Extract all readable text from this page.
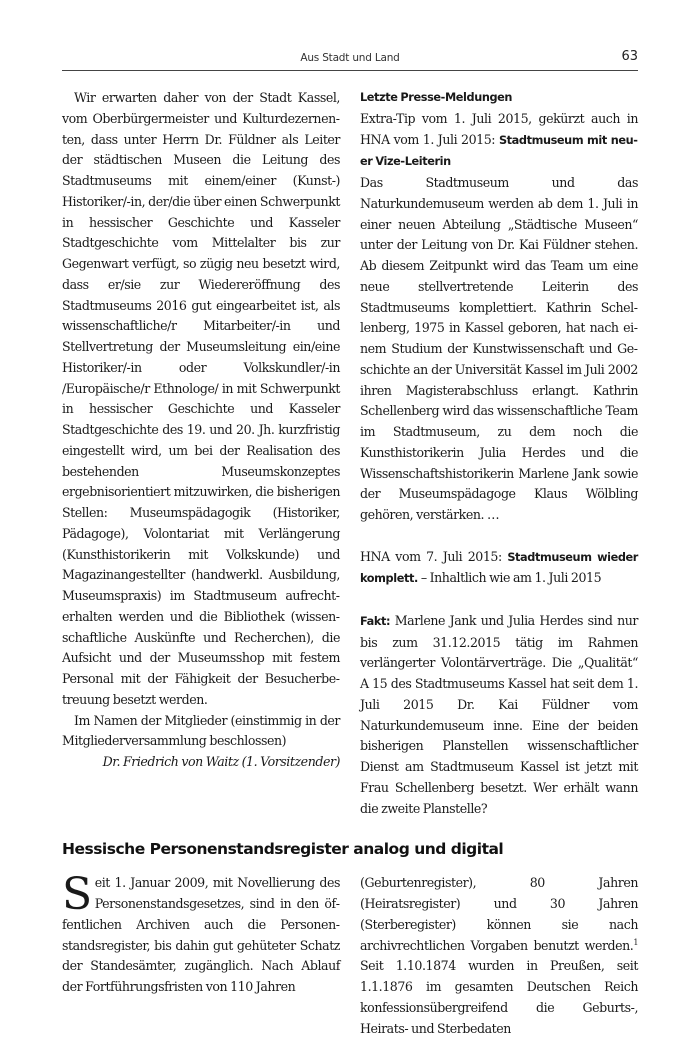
Aus Stadt und Land	63

Wir erwarten daher von der Stadt Kassel, vom Oberbürgermeister und Kulturdezernenten, dass unter Herrn Dr. Füldner als Leiter der städtischen Museen die Leitung des Stadtmuseums mit einem/einer (Kunst-) Historiker/-in, der/die über einen Schwerpunkt in hessischer Geschichte und Kasseler Stadtgeschichte vom Mittelalter bis zur Gegenwart verfügt, so zügig neu besetzt wird, dass er/sie zur Wiedereröffnung des Stadtmuseums 2016 gut eingearbeitet ist, als wissenschaftliche/r Mitarbeiter/-in und Stellvertretung der Museumsleitung ein/eine Historiker/-in oder Volkskundler/-in /Europäische/r Ethnologe/ in mit Schwerpunkt in hessischer Geschichte und Kasseler Stadtgeschichte des 19. und 20. Jh. kurzfristig eingestellt wird, um bei der Realisation des bestehenden Museumskonzeptes ergebnisorientiert mitzuwirken, die bisherigen Stellen: Museumspädagogik (Historiker, Pädagoge), Volontariat mit Verlängerung (Kunsthistorikerin mit Volkskunde) und Magazinangestellter (handwerkl. Ausbildung, Museumspraxis) im Stadtmuseum aufrechterhalten werden und die Bibliothek (wissenschaftliche Auskünfte und Recherchen), die Aufsicht und der Museumsshop mit festem Personal mit der Fähigkeit der Besucherbetreuung besetzt werden.

Im Namen der Mitglieder (einstimmig in der Mitgliederversammlung beschlossen)

Dr. Friedrich von Waitz (1. Vorsitzender)

Letzte Presse-Meldungen

Extra-Tip vom 1. Juli 2015, gekürzt auch in HNA vom 1. Juli 2015: Stadtmuseum mit neuer Vize-Leiterin

Das Stadtmuseum und das Naturkundemuseum werden ab dem 1. Juli in einer neuen Abteilung „Städtische Museen“ unter der Leitung von Dr. Kai Füldner stehen. Ab diesem Zeitpunkt wird das Team um eine neue stellvertretende Leiterin des Stadtmuseums komplettiert. Kathrin Schellenberg, 1975 in Kassel geboren, hat nach einem Studium der Kunstwissenschaft und Geschichte an der Universität Kassel im Juli 2002 ihren Magisterabschluss erlangt. Kathrin Schellenberg wird das wissenschaftliche Team im Stadtmuseum, zu dem noch die Kunsthistorikerin Julia Herdes und die Wissenschaftshistorikerin Marlene Jank sowie der Museumspädagoge Klaus Wölbling gehören, verstärken. …

HNA vom 7. Juli 2015: Stadtmuseum wieder komplett. – Inhaltlich wie am 1. Juli 2015

Fakt: Marlene Jank und Julia Herdes sind nur bis zum 31.12.2015 tätig im Rahmen verlängerter Volontärverträge. Die „Qualität“ A 15 des Stadtmuseums Kassel hat seit dem 1. Juli 2015 Dr. Kai Füldner vom Naturkundemuseum inne. Eine der beiden bisherigen Planstellen wissenschaftlicher Dienst am Stadtmuseum Kassel ist jetzt mit Frau Schellenberg besetzt. Wer erhält wann die zweite Planstelle?

Hessische Personenstandsregister analog und digital

Seit 1. Januar 2009, mit Novellierung des Personenstandsgesetzes, sind in den öffentlichen Archiven auch die Personenstandsregister, bis dahin gut gehüteter Schatz der Standesämter, zugänglich. Nach Ablauf der Fortführungsfristen von 110 Jahren

(Geburtenregister), 80 Jahren (Heiratsregister) und 30 Jahren (Sterberegister) können sie nach archivrechtlichen Vorgaben benutzt werden.$^1$ Seit 1.10.1874 wurden in Preußen, seit 1.1.1876 im gesamten Deutschen Reich konfessionsübergreifend die Geburts-, Heirats- und Sterbedaten
